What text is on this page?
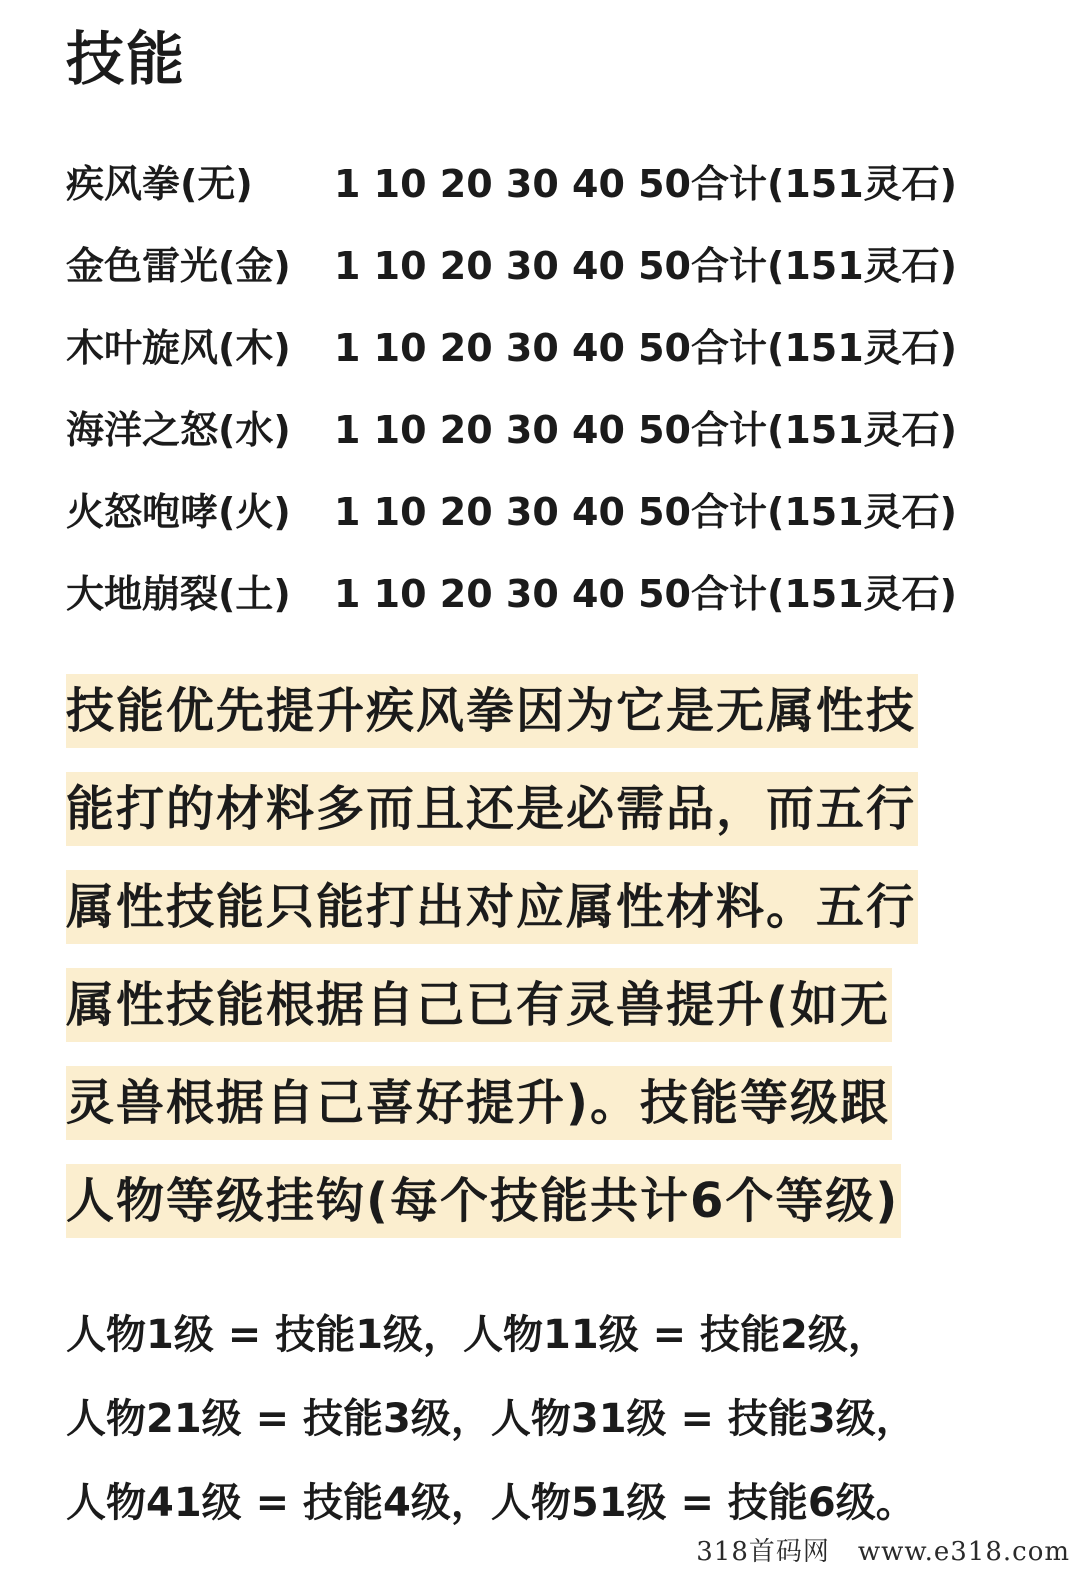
技能
疾风拳(无) 1 10 20 30 40 50合计(151灵石)
金色雷光(金) 1 10 20 30 40 50合计(151灵石)
木叶旋风(木) 1 10 20 30 40 50合计(151灵石)
海洋之怒(水) 1 10 20 30 40 50合计(151灵石)
火怒咆哮(火) 1 10 20 30 40 50合计(151灵石)
大地崩裂(土) 1 10 20 30 40 50合计(151灵石)
技能优先提升疾风拳因为它是无属性技
能打的材料多而且还是必需品，而五行
属性技能只能打出对应属性材料。五行
属性技能根据自己已有灵兽提升(如无
灵兽根据自己喜好提升)。技能等级跟
人物等级挂钩(每个技能共计6个等级)
人物1级 = 技能1级，人物11级 = 技能2级，
人物21级 = 技能3级，人物31级 = 技能3级，
人物41级 = 技能4级，人物51级 = 技能6级。
318首码网 www.e318.com
